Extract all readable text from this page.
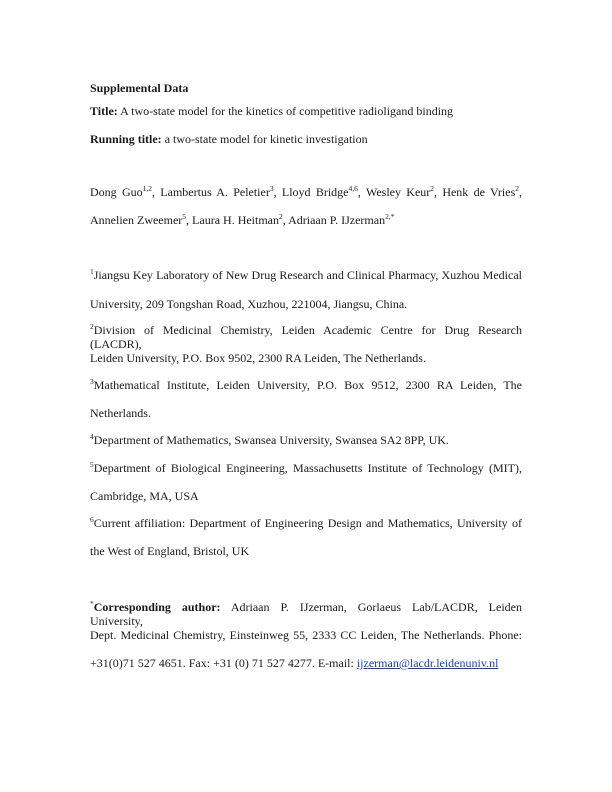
Supplemental Data
Title: A two-state model for the kinetics of competitive radioligand binding
Running title: a two-state model for kinetic investigation
Dong Guo$^{1,2}$, Lambertus A. Peletier$^3$, Lloyd Bridge$^{4,6}$, Wesley Keur$^2$, Henk de Vries$^2$,
Annelien Zweemer$^5$, Laura H. Heitman$^2$, Adriaan P. IJzerman$^{2,*}$
$^1$Jiangsu Key Laboratory of New Drug Research and Clinical Pharmacy, Xuzhou Medical
University, 209 Tongshan Road, Xuzhou, 221004, Jiangsu, China.
$^2$Division of Medicinal Chemistry, Leiden Academic Centre for Drug Research (LACDR),
Leiden University, P.O. Box 9502, 2300 RA Leiden, The Netherlands.
$^3$Mathematical Institute, Leiden University, P.O. Box 9512, 2300 RA Leiden, The
Netherlands.
$^4$Department of Mathematics, Swansea University, Swansea SA2 8PP, UK.
$^5$Department of Biological Engineering, Massachusetts Institute of Technology (MIT),
Cambridge, MA, USA
$^6$Current affiliation: Department of Engineering Design and Mathematics, University of
the West of England, Bristol, UK
*Corresponding author: Adriaan P. IJzerman, Gorlaeus Lab/LACDR, Leiden University,
Dept. Medicinal Chemistry, Einsteinweg 55, 2333 CC Leiden, The Netherlands. Phone:
+31(0)71 527 4651. Fax: +31 (0) 71 527 4277. E-mail: ijzerman@lacdr.leidenuniv.nl
